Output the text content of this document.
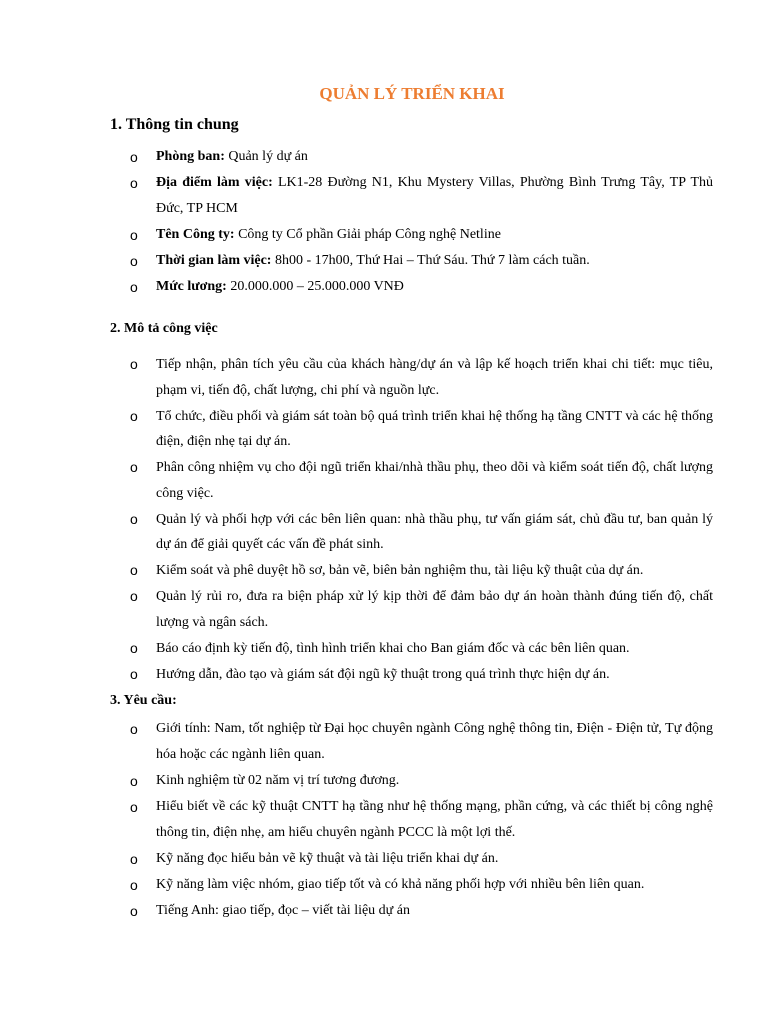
QUẢN LÝ TRIỂN KHAI
1. Thông tin chung
o Phòng ban: Quản lý dự án
o Địa điểm làm việc: LK1-28 Đường N1, Khu Mystery Villas, Phường Bình Trưng Tây, TP Thủ Đức, TP HCM
o Tên Công ty: Công ty Cổ phần Giải pháp Công nghệ Netline
o Thời gian làm việc: 8h00 - 17h00, Thứ Hai – Thứ Sáu. Thứ 7 làm cách tuần.
o Mức lương: 20.000.000 – 25.000.000 VNĐ
2. Mô tả công việc
o Tiếp nhận, phân tích yêu cầu của khách hàng/dự án và lập kế hoạch triển khai chi tiết: mục tiêu, phạm vi, tiến độ, chất lượng, chi phí và nguồn lực.
o Tổ chức, điều phối và giám sát toàn bộ quá trình triển khai hệ thống hạ tầng CNTT và các hệ thống điện, điện nhẹ tại dự án.
o Phân công nhiệm vụ cho đội ngũ triển khai/nhà thầu phụ, theo dõi và kiểm soát tiến độ, chất lượng công việc.
o Quản lý và phối hợp với các bên liên quan: nhà thầu phụ, tư vấn giám sát, chủ đầu tư, ban quản lý dự án để giải quyết các vấn đề phát sinh.
o Kiểm soát và phê duyệt hồ sơ, bản vẽ, biên bản nghiệm thu, tài liệu kỹ thuật của dự án.
o Quản lý rủi ro, đưa ra biện pháp xử lý kịp thời để đảm bảo dự án hoàn thành đúng tiến độ, chất lượng và ngân sách.
o Báo cáo định kỳ tiến độ, tình hình triển khai cho Ban giám đốc và các bên liên quan.
o Hướng dẫn, đào tạo và giám sát đội ngũ kỹ thuật trong quá trình thực hiện dự án.
3. Yêu cầu:
o Giới tính: Nam, tốt nghiệp từ Đại học chuyên ngành Công nghệ thông tin, Điện - Điện tử, Tự động hóa hoặc các ngành liên quan.
o Kinh nghiệm từ 02 năm vị trí tương đương.
o Hiểu biết về các kỹ thuật CNTT hạ tầng như hệ thống mạng, phần cứng, và các thiết bị công nghệ thông tin, điện nhẹ, am hiểu chuyên ngành PCCC là một lợi thế.
o Kỹ năng đọc hiểu bản vẽ kỹ thuật và tài liệu triển khai dự án.
o Kỹ năng làm việc nhóm, giao tiếp tốt và có khả năng phối hợp với nhiều bên liên quan.
o Tiếng Anh: giao tiếp, đọc – viết tài liệu dự án
